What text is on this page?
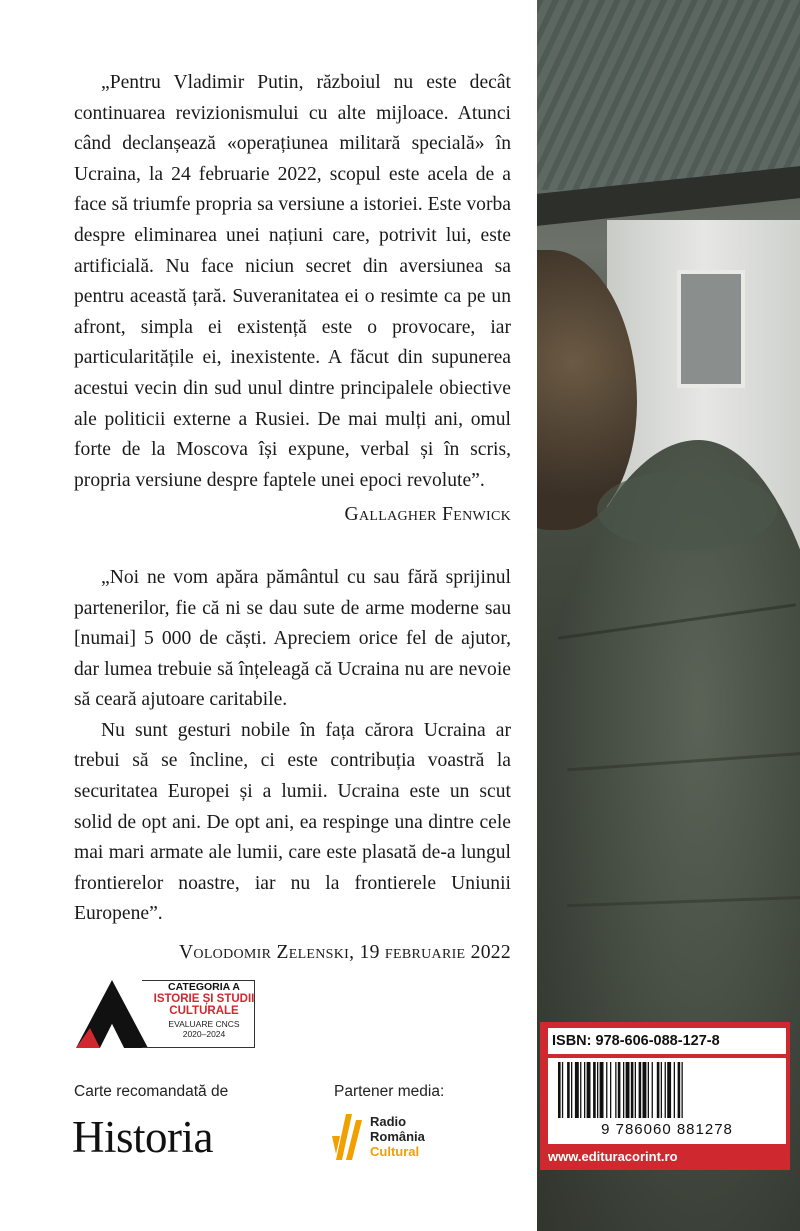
„Pentru Vladimir Putin, războiul nu este decât continuarea revizionismului cu alte mijloace. Atunci când declanșează «operațiunea militară specială» în Ucraina, la 24 februarie 2022, scopul este acela de a face să triumfe propria sa versiune a istoriei. Este vorba despre eliminarea unei națiuni care, potrivit lui, este artificială. Nu face niciun secret din aversiunea sa pentru această țară. Suveranitatea ei o resimte ca pe un afront, simpla ei existență este o provocare, iar particularitățile ei, inexistente. A făcut din supunerea acestui vecin din sud unul dintre principalele obiective ale politicii externe a Rusiei. De mai mulți ani, omul forte de la Moscova își expune, verbal și în scris, propria versiune despre faptele unei epoci revolute”.

Gallagher Fenwick

„Noi ne vom apăra pământul cu sau fără sprijinul partenerilor, fie că ni se dau sute de arme moderne sau [numai] 5 000 de căști. Apreciem orice fel de ajutor, dar lumea trebuie să înțeleagă că Ucraina nu are nevoie să ceară ajutoare caritabile.

Nu sunt gesturi nobile în fața cărora Ucraina ar trebui să se încline, ci este contribuția voastră la securitatea Europei și a lumii. Ucraina este un scut solid de opt ani. De opt ani, ea respinge una dintre cele mai mari armate ale lumii, care este plasată de-a lungul frontierelor noastre, iar nu la frontierele Uniunii Europene”.

Volodomir Zelenski, 19 februarie 2022
CATEGORIA A
ISTORIE ȘI STUDII
CULTURALE
EVALUARE CNCS
2020–2024
Carte recomandată de
Historia
Partener media:
Radio
România
Cultural
ISBN: 978-606-088-127-8
9 786060 881278
www.edituracorint.ro
